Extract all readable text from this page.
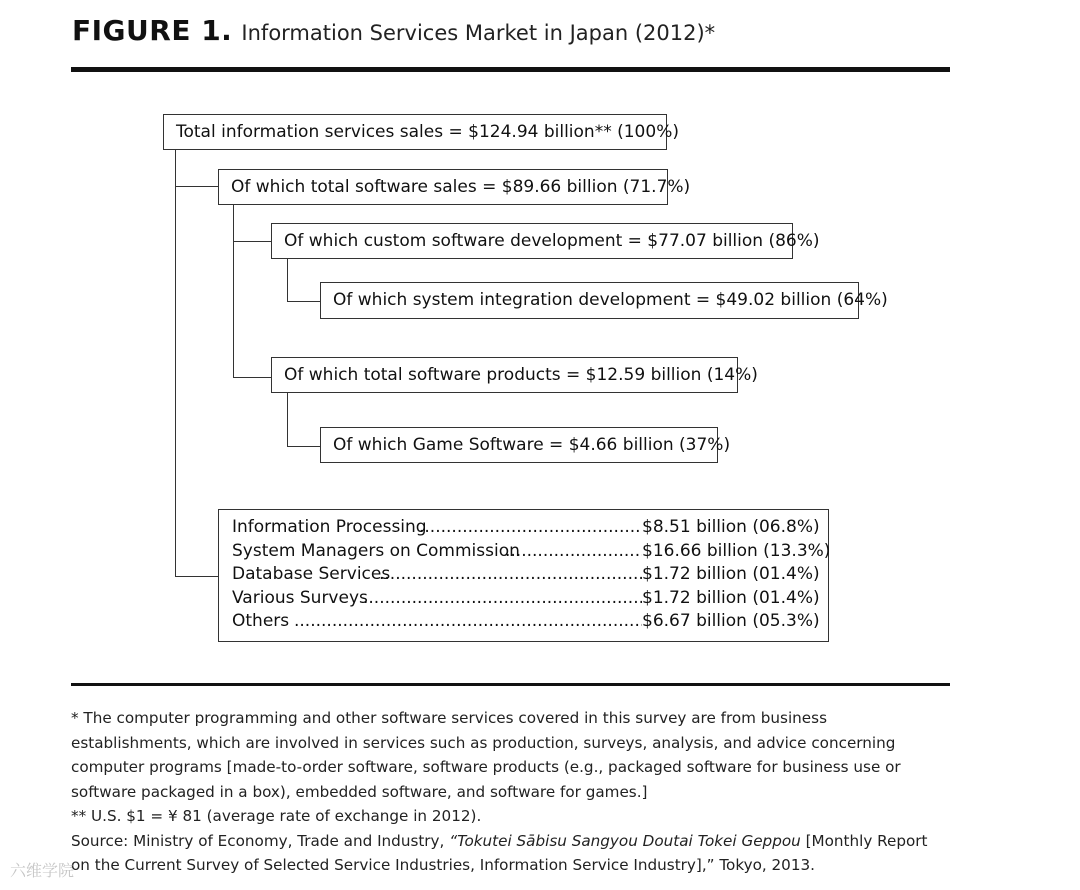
FIGURE 1. Information Services Market in Japan (2012)*
Total information services sales = $124.94 billion** (100%)
Of which total software sales = $89.66 billion (71.7%)
Of which custom software development = $77.07 billion (86%)
Of which system integration development = $49.02 billion (64%)
Of which total software products = $12.59 billion (14%)
Of which Game Software = $4.66 billion (37%)
Information Processing .....	$8.51 billion (06.8%)
System Managers on Commission .....	$16.66 billion (13.3%)
Database Services .....	$1.72 billion (01.4%)
Various Surveys .....	$1.72 billion (01.4%)
Others .....	$6.67 billion (05.3%)

* The computer programming and other software services covered in this survey are from business establishments, which are involved in services such as production, surveys, analysis, and advice concerning computer programs [made-to-order software, software products (e.g., packaged software for business use or software packaged in a box), embedded software, and software for games.]

** U.S. $1 = ¥ 81 (average rate of exchange in 2012).

Source: Ministry of Economy, Trade and Industry, “Tokutei Sābisu Sangyou Doutai Tokei Geppou [Monthly Report on the Current Survey of Selected Service Industries, Information Service Industry],” Tokyo, 2013.

六维学院
